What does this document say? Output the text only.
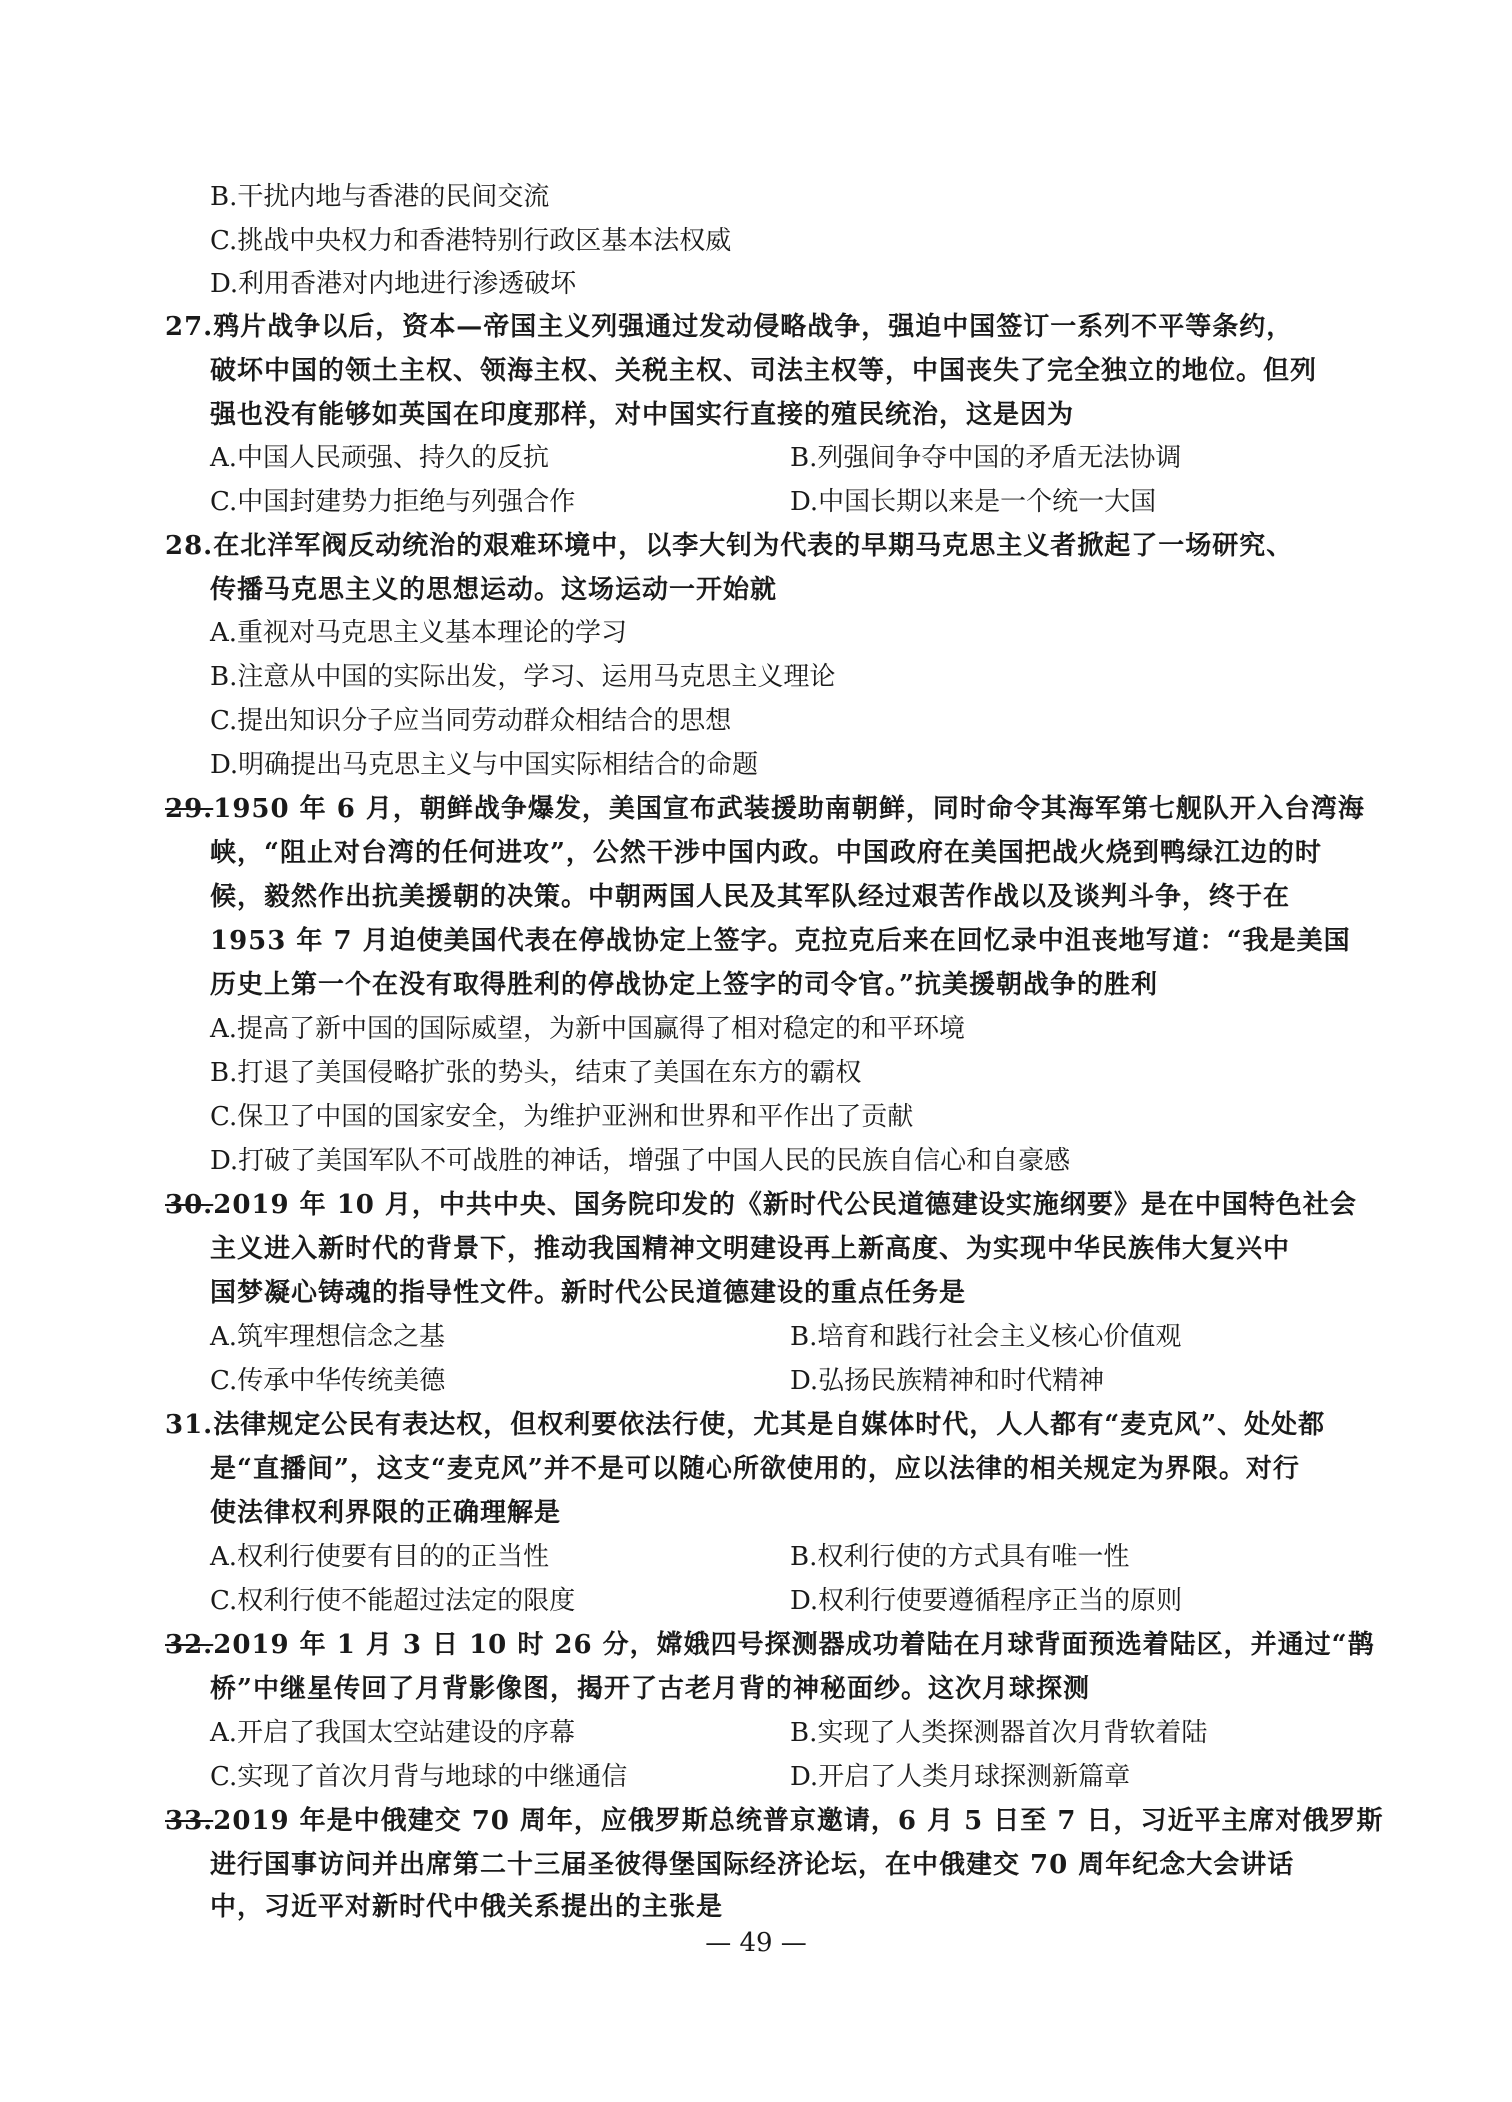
B.干扰内地与香港的民间交流
C.挑战中央权力和香港特别行政区基本法权威
D.利用香港对内地进行渗透破坏
27.鸦片战争以后，资本—帝国主义列强通过发动侵略战争，强迫中国签订一系列不平等条约，
破坏中国的领土主权、领海主权、关税主权、司法主权等，中国丧失了完全独立的地位。但列
强也没有能够如英国在印度那样，对中国实行直接的殖民统治，这是因为
A.中国人民顽强、持久的反抗	B.列强间争夺中国的矛盾无法协调
C.中国封建势力拒绝与列强合作	D.中国长期以来是一个统一大国
28.在北洋军阀反动统治的艰难环境中，以李大钊为代表的早期马克思主义者掀起了一场研究、
传播马克思主义的思想运动。这场运动一开始就
A.重视对马克思主义基本理论的学习
B.注意从中国的实际出发，学习、运用马克思主义理论
C.提出知识分子应当同劳动群众相结合的思想
D.明确提出马克思主义与中国实际相结合的命题
29.1950 年 6 月，朝鲜战争爆发，美国宣布武装援助南朝鲜，同时命令其海军第七舰队开入台湾海
峡，“阻止对台湾的任何进攻”，公然干涉中国内政。中国政府在美国把战火烧到鸭绿江边的时
候，毅然作出抗美援朝的决策。中朝两国人民及其军队经过艰苦作战以及谈判斗争，终于在
1953 年 7 月迫使美国代表在停战协定上签字。克拉克后来在回忆录中沮丧地写道：“我是美国
历史上第一个在没有取得胜利的停战协定上签字的司令官。”抗美援朝战争的胜利
A.提高了新中国的国际威望，为新中国赢得了相对稳定的和平环境
B.打退了美国侵略扩张的势头，结束了美国在东方的霸权
C.保卫了中国的国家安全，为维护亚洲和世界和平作出了贡献
D.打破了美国军队不可战胜的神话，增强了中国人民的民族自信心和自豪感
30.2019 年 10 月，中共中央、国务院印发的《新时代公民道德建设实施纲要》是在中国特色社会
主义进入新时代的背景下，推动我国精神文明建设再上新高度、为实现中华民族伟大复兴中
国梦凝心铸魂的指导性文件。新时代公民道德建设的重点任务是
A.筑牢理想信念之基	B.培育和践行社会主义核心价值观
C.传承中华传统美德	D.弘扬民族精神和时代精神
31.法律规定公民有表达权，但权利要依法行使，尤其是自媒体时代，人人都有“麦克风”、处处都
是“直播间”，这支“麦克风”并不是可以随心所欲使用的，应以法律的相关规定为界限。对行
使法律权利界限的正确理解是
A.权利行使要有目的的正当性	B.权利行使的方式具有唯一性
C.权利行使不能超过法定的限度	D.权利行使要遵循程序正当的原则
32.2019 年 1 月 3 日 10 时 26 分，嫦娥四号探测器成功着陆在月球背面预选着陆区，并通过“鹊
桥”中继星传回了月背影像图，揭开了古老月背的神秘面纱。这次月球探测
A.开启了我国太空站建设的序幕	B.实现了人类探测器首次月背软着陆
C.实现了首次月背与地球的中继通信	D.开启了人类月球探测新篇章
33.2019 年是中俄建交 70 周年，应俄罗斯总统普京邀请，6 月 5 日至 7 日，习近平主席对俄罗斯
进行国事访问并出席第二十三届圣彼得堡国际经济论坛，在中俄建交 70 周年纪念大会讲话
中，习近平对新时代中俄关系提出的主张是
— 49 —
